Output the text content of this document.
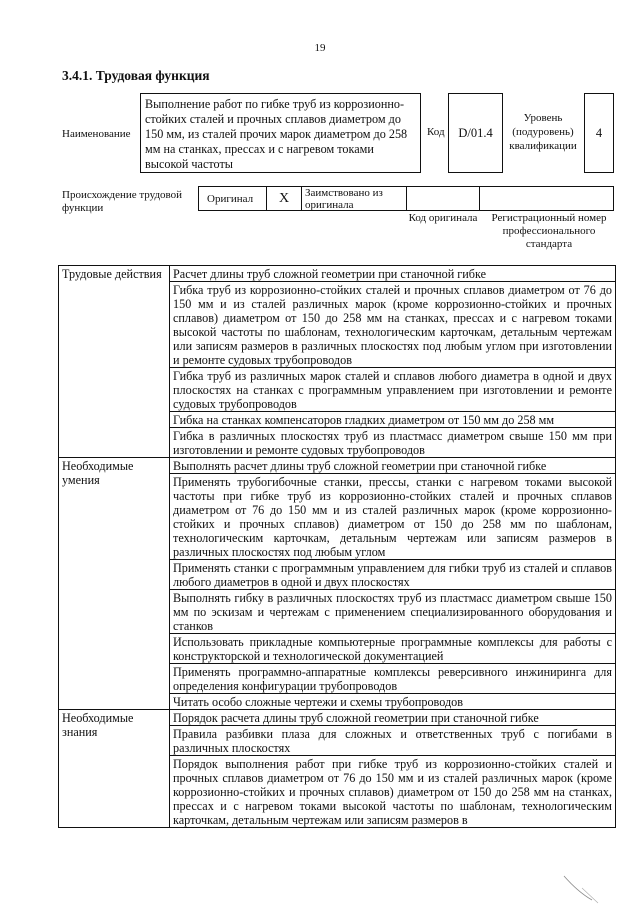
19
3.4.1. Трудовая функция
Наименование
Выполнение работ по гибке труб из коррозионно-стойких сталей и прочных сплавов диаметром до 150 мм, из сталей прочих марок диаметром до 258 мм на станках, прессах и с нагревом токами высокой частоты
Код	D/01.4
Уровень (подуровень) квалификации
4
Происхождение трудовой функции
Оригинал	X	Заимствовано из оригинала
Код оригинала	Регистрационный номер профессионального стандарта
Трудовые действия	Расчет длины труб сложной геометрии при станочной гибке
	Гибка труб из коррозионно-стойких сталей и прочных сплавов диаметром от 76 до 150 мм и из сталей различных марок (кроме коррозионно-стойких и прочных сплавов) диаметром от 150 до 258 мм на станках, прессах и с нагревом токами высокой частоты по шаблонам, технологическим карточкам, детальным чертежам или записям размеров в различных плоскостях под любым углом при изготовлении и ремонте судовых трубопроводов
	Гибка труб из различных марок сталей и сплавов любого диаметра в одной и двух плоскостях на станках с программным управлением при изготовлении и ремонте судовых трубопроводов
	Гибка на станках компенсаторов гладких диаметром от 150 мм до 258 мм
	Гибка в различных плоскостях труб из пластмасс диаметром свыше 150 мм при изготовлении и ремонте судовых трубопроводов
Необходимые умения	Выполнять расчет длины труб сложной геометрии при станочной гибке
	Применять трубогибочные станки, прессы, станки с нагревом токами высокой частоты при гибке труб из коррозионно-стойких сталей и прочных сплавов диаметром от 76 до 150 мм и из сталей различных марок (кроме коррозионно-стойких и прочных сплавов) диаметром от 150 до 258 мм по шаблонам, технологическим карточкам, детальным чертежам или записям размеров в различных плоскостях под любым углом
	Применять станки с программным управлением для гибки труб из сталей и сплавов любого диаметров в одной и двух плоскостях
	Выполнять гибку в различных плоскостях труб из пластмасс диаметром свыше 150 мм по эскизам и чертежам с применением специализированного оборудования и станков
	Использовать прикладные компьютерные программные комплексы для работы с конструкторской и технологической документацией
	Применять программно-аппаратные комплексы реверсивного инжиниринга для определения конфигурации трубопроводов
	Читать особо сложные чертежи и схемы трубопроводов
Необходимые знания	Порядок расчета длины труб сложной геометрии при станочной гибке
	Правила разбивки плаза для сложных и ответственных труб с погибами в различных плоскостях
	Порядок выполнения работ при гибке труб из коррозионно-стойких сталей и прочных сплавов диаметром от 76 до 150 мм и из сталей различных марок (кроме коррозионно-стойких и прочных сплавов) диаметром от 150 до 258 мм на станках, прессах и с нагревом токами высокой частоты по шаблонам, технологическим карточкам, детальным чертежам или записям размеров в
